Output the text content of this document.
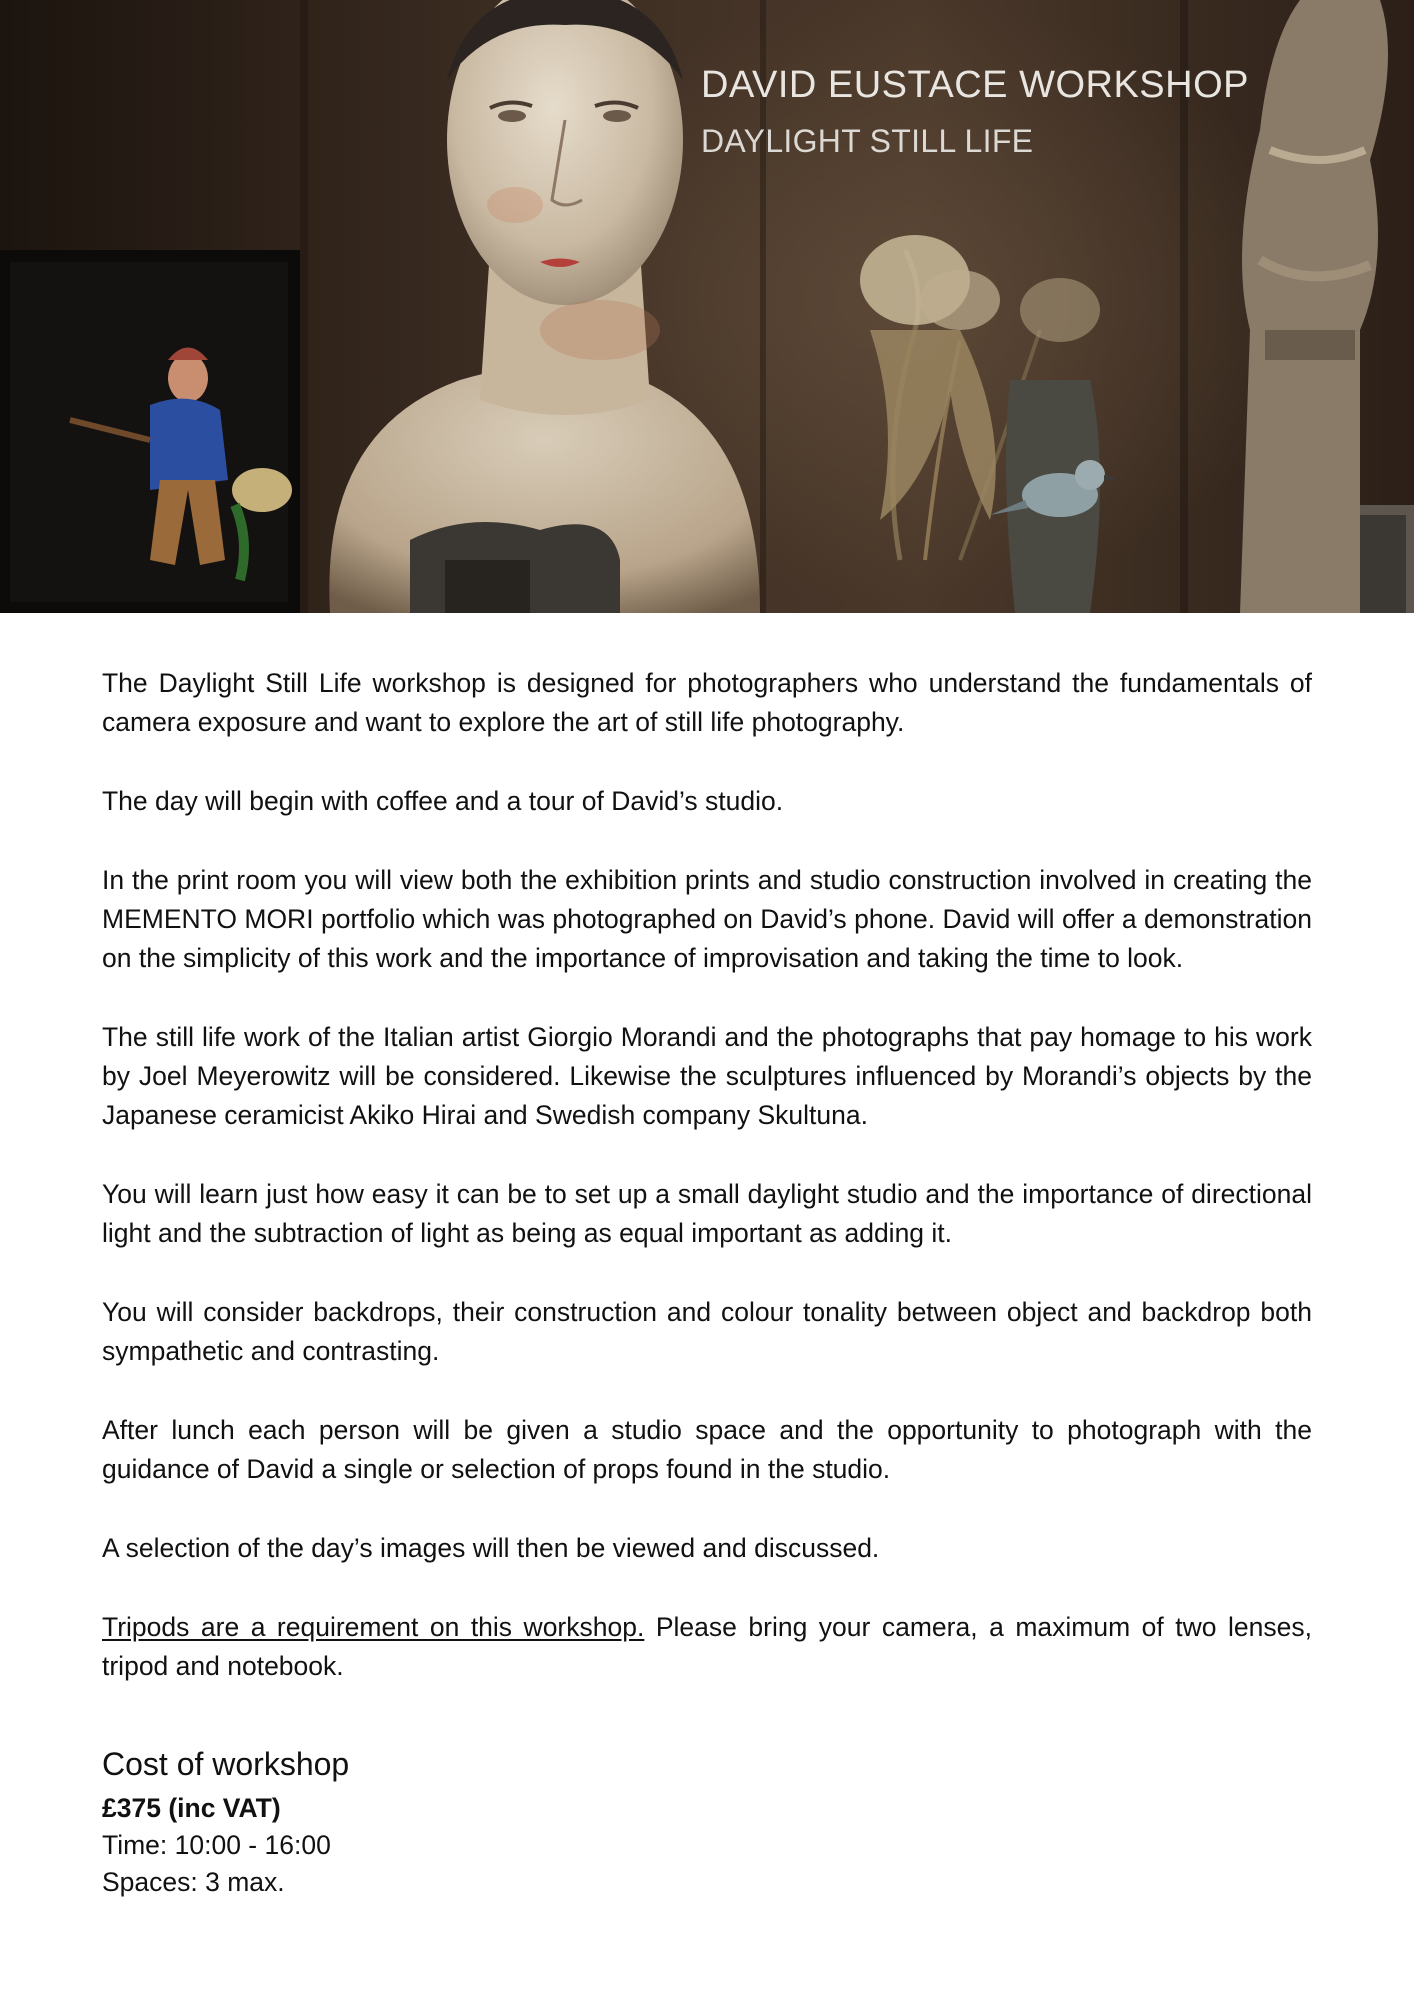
DAVID EUSTACE WORKSHOP
DAYLIGHT STILL LIFE

The Daylight Still Life workshop is designed for photographers who understand the fundamentals of camera exposure and want to explore the art of still life photography.

The day will begin with coffee and a tour of David’s studio.

In the print room you will view both the exhibition prints and studio construction involved in creating the MEMENTO MORI portfolio which was photographed on David’s phone. David will offer a demonstration on the simplicity of this work and the importance of improvisation and taking the time to look.

The still life work of the Italian artist Giorgio Morandi and the photographs that pay homage to his work by Joel Meyerowitz will be considered. Likewise the sculptures influenced by Morandi’s objects by the Japanese ceramicist Akiko Hirai and Swedish company Skultuna.

You will learn just how easy it can be to set up a small daylight studio and the importance of directional light and the subtraction of light as being as equal important as adding it.

You will consider backdrops, their construction and colour tonality between object and backdrop both sympathetic and contrasting.

After lunch each person will be given a studio space and the opportunity to photograph with the guidance of David a single or selection of props found in the studio.

A selection of the day’s images will then be viewed and discussed.

Tripods are a requirement on this workshop. Please bring your camera, a maximum of two lenses, tripod and notebook.

Cost of workshop

£375 (inc VAT)

Time: 10:00 - 16:00

Spaces: 3 max.
